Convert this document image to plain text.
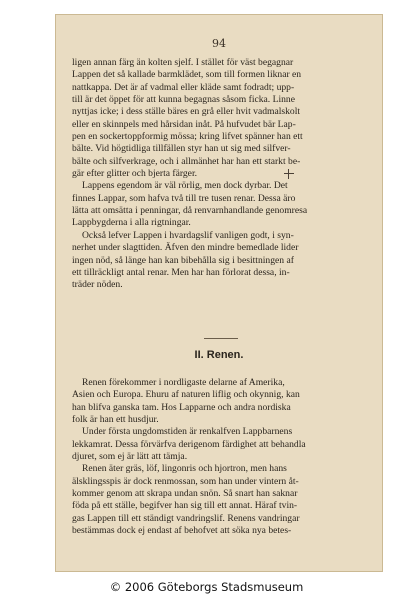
94

ligen annan färg än kolten sjelf. I stället för väst begagnar
Lappen det så kallade barmklädet, som till formen liknar en
nattkappa. Det är af vadmal eller kläde samt fodradt; upp-
till är det öppet för att kunna begagnas såsom ficka. Linne
nyttjas icke; i dess ställe bäres en grå eller hvit vadmalskolt
eller en skinnpels med hårsidan inåt. På hufvudet bär Lap-
pen en sockertoppformig mössa; kring lifvet spänner han ett
bälte. Vid högtidliga tillfällen styr han ut sig med silfver-
bälte och silfverkrage, och i allmänhet har han ett starkt be-
gär efter glitter och bjerta färger.

Lappens egendom är väl rörlig, men dock dyrbar. Det
finnes Lappar, som hafva två till tre tusen renar. Dessa äro
lätta att omsätta i penningar, då renvarnhandlande genomresa
Lappbygderna i alla rigtningar.

Också lefver Lappen i hvardagslif vanligen godt, i syn-
nerhet under slagttiden. Äfven den mindre bemedlade lider
ingen nöd, så länge han kan bibehålla sig i besittningen af
ett tillräckligt antal renar. Men har han förlorat dessa, in-
träder nöden.

II. Renen.

Renen förekommer i nordligaste delarne af Amerika,
Asien och Europa. Ehuru af naturen liflig och okynnig, kan
han blifva ganska tam. Hos Lapparne och andra nordiska
folk är han ett husdjur.

Under första ungdomstiden är renkalfven Lappbarnens
lekkamrat. Dessa förvärfva derigenom färdighet att behandla
djuret, som ej är lätt att tämja.

Renen äter gräs, löf, lingonris och hjortron, men hans
älsklingsspis är dock renmossan, som han under vintern åt-
kommer genom att skrapa undan snön. Så snart han saknar
föda på ett ställe, begifver han sig till ett annat. Häraf tvin-
gas Lappen till ett ständigt vandringslif. Renens vandringar
bestämmas dock ej endast af behofvet att söka nya betes-

© 2006 Göteborgs Stadsmuseum
